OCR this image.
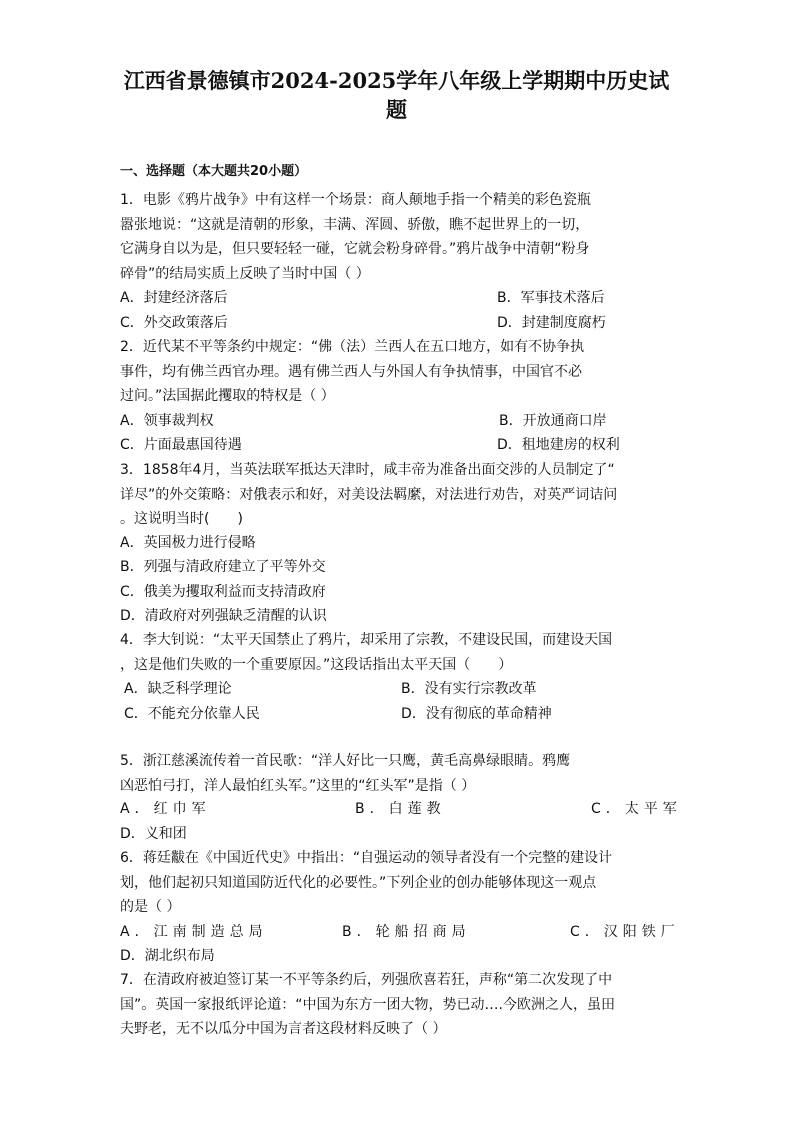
江西省景德镇市2024-2025学年八年级上学期期中历史试
题
一、选择题（本大题共20小题）
1．电影《鸦片战争》中有这样一个场景：商人颠地手指一个精美的彩色瓷瓶
嚣张地说：“这就是清朝的形象，丰满、浑圆、骄傲，瞧不起世界上的一切，
它满身自以为是，但只要轻轻一碰，它就会粉身碎骨。”鸦片战争中清朝“粉身
碎骨”的结局实质上反映了当时中国（ ）
A．封建经济落后	B．军事技术落后
C．外交政策落后	D．封建制度腐朽
2．近代某不平等条约中规定：“佛（法）兰西人在五口地方，如有不协争执
事件，均有佛兰西官办理。遇有佛兰西人与外国人有争执情事，中国官不必
过问。”法国据此攫取的特权是（ ）
A．领事裁判权	B．开放通商口岸
C．片面最惠国待遇	D．租地建房的权利
3．1858年4月，当英法联军抵达天津时，咸丰帝为准备出面交涉的人员制定了“
详尽”的外交策略：对俄表示和好，对美设法羁縻，对法进行劝告，对英严词诘问
。这说明当时(　　)
A．英国极力进行侵略
B．列强与清政府建立了平等外交
C．俄美为攫取利益而支持清政府
D．清政府对列强缺乏清醒的认识
4．李大钊说：“太平天国禁止了鸦片，却采用了宗教，不建设民国，而建设天国
，这是他们失败的一个重要原因。”这段话指出太平天国（　　）
A．缺乏科学理论	B．没有实行宗教改革
C．不能充分依靠人民	D．没有彻底的革命精神
5．浙江慈溪流传着一首民歌：“洋人好比一只鹰，黄毛高鼻绿眼睛。鸦鹰
凶恶怕弓打，洋人最怕红头军。”这里的“红头军”是指（ ）
A．红巾军	B．白莲教	C．太平军
D．义和团
6．蒋廷黻在《中国近代史》中指出：“自强运动的领导者没有一个完整的建设计
划，他们起初只知道国防近代化的必要性。”下列企业的创办能够体现这一观点
的是（ ）
A．江南制造总局	B．轮船招商局	C．汉阳铁厂
D．湖北织布局
7．在清政府被迫签订某一不平等条约后，列强欣喜若狂，声称“第二次发现了中
国”。英国一家报纸评论道：“中国为东方一团大物，势已动….今欧洲之人，虽田
夫野老，无不以瓜分中国为言者这段材料反映了（ ）
